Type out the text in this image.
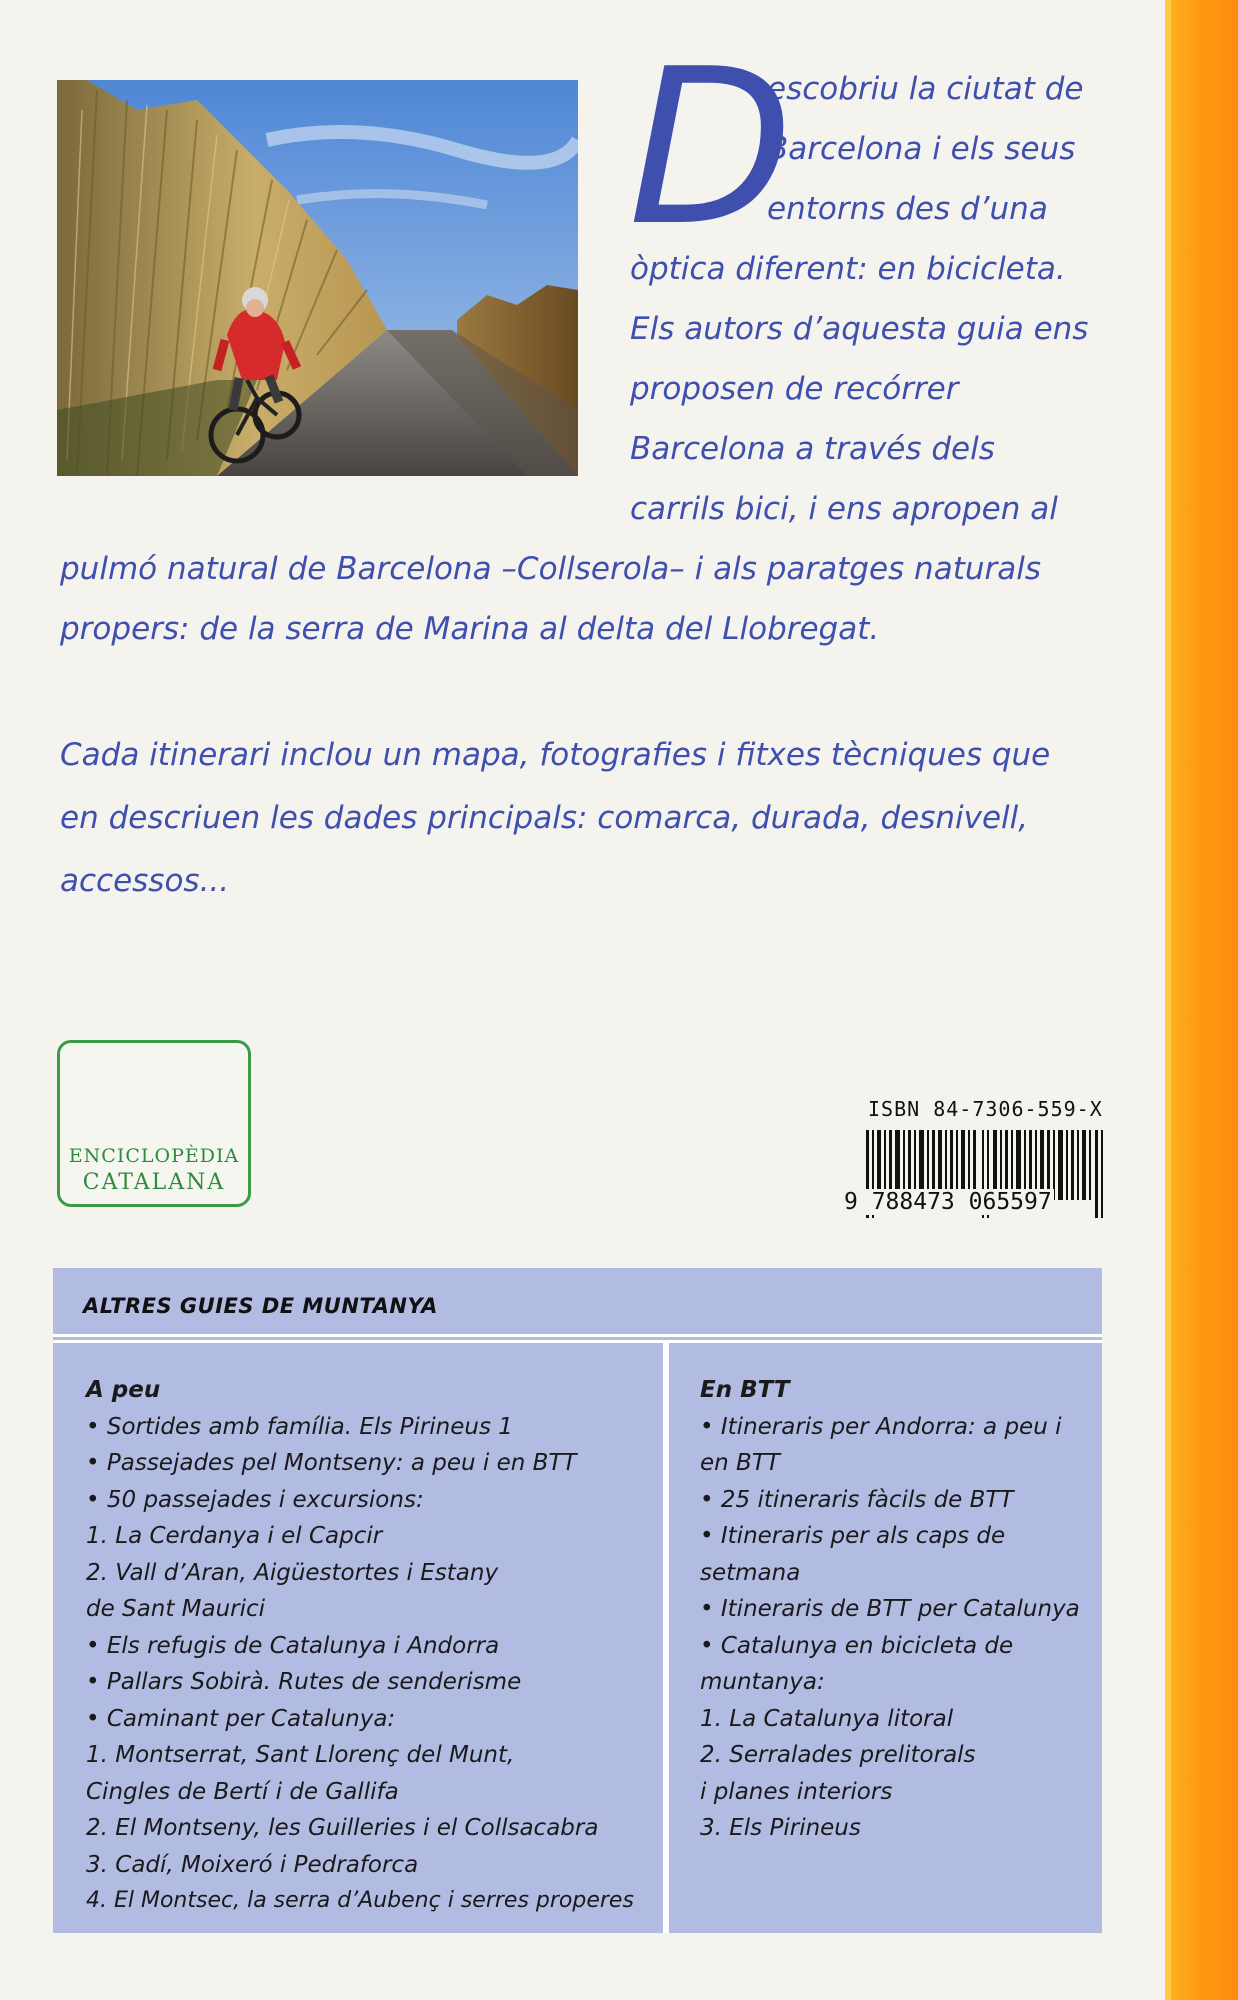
D
escobriu la ciutat de
Barcelona i els seus
entorns des d’una
òptica diferent: en bicicleta.
Els autors d’aquesta guia ens
proposen de recórrer
Barcelona a través dels
carrils bici, i ens apropen al
pulmó natural de Barcelona –Collserola– i als paratges naturals
propers: de la serra de Marina al delta del Llobregat.
Cada itinerari inclou un mapa, fotografies i fitxes tècniques que
en descriuen les dades principals: comarca, durada, desnivell,
accessos...
ENCICLOPÈDIA
CATALANA
ISBN 84-7306-559-X
9 788473 065597
ALTRES GUIES DE MUNTANYA
A peu
• Sortides amb família. Els Pirineus 1
• Passejades pel Montseny: a peu i en BTT
• 50 passejades i excursions:
1. La Cerdanya i el Capcir
2. Vall d’Aran, Aigüestortes i Estany
de Sant Maurici
• Els refugis de Catalunya i Andorra
• Pallars Sobirà. Rutes de senderisme
• Caminant per Catalunya:
1. Montserrat, Sant Llorenç del Munt,
Cingles de Bertí i de Gallifa
2. El Montseny, les Guilleries i el Collsacabra
3. Cadí, Moixeró i Pedraforca
4. El Montsec, la serra d’Aubenç i serres properes
En BTT
• Itineraris per Andorra: a peu i
en BTT
• 25 itineraris fàcils de BTT
• Itineraris per als caps de
setmana
• Itineraris de BTT per Catalunya
• Catalunya en bicicleta de
muntanya:
1. La Catalunya litoral
2. Serralades prelitorals
i planes interiors
3. Els Pirineus
